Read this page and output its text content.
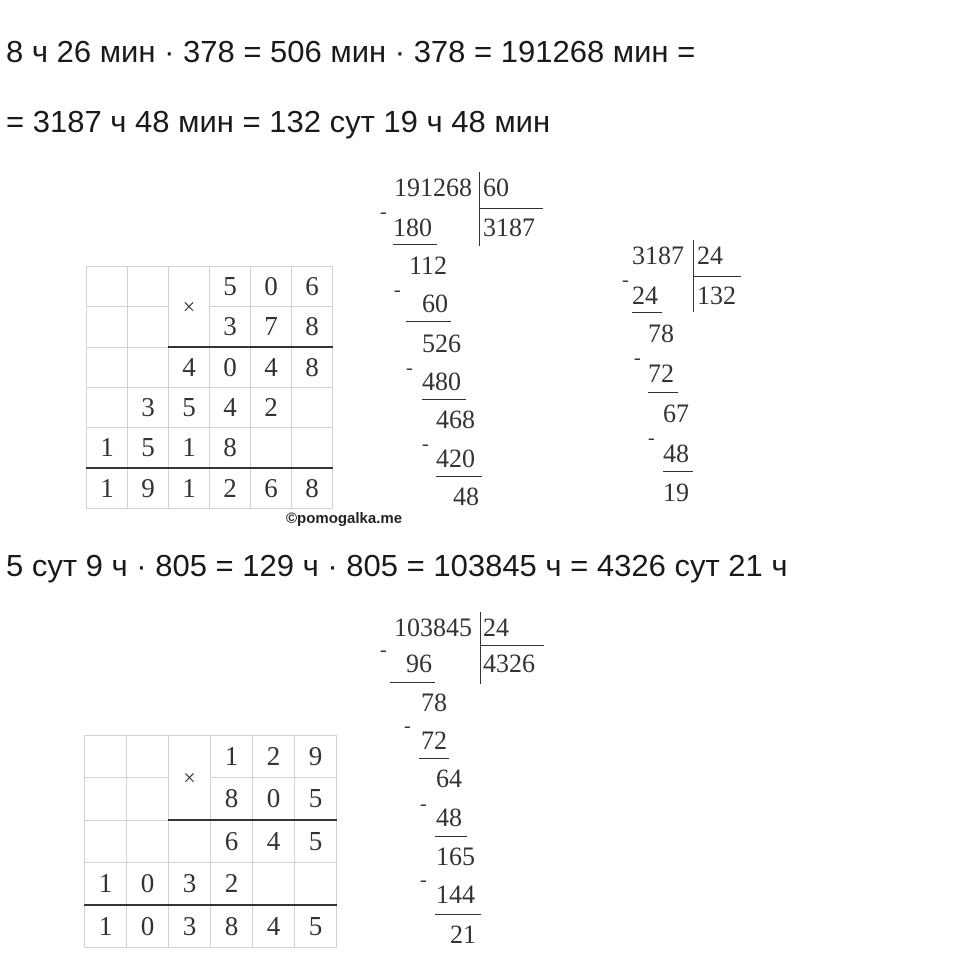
8 ч 26 мин · 378 = 506 мин · 378 = 191268 мин =
= 3187 ч 48 мин = 132 сут 19 ч 48 мин
5 сут 9 ч · 805 = 129 ч · 805 = 103845 ч = 4326 сут 21 ч
		×	5	0	6
			3	7	8
		4	0	4	8
	3	5	4	2	
1	5	1	8		
1	9	1	2	6	8
©pomogalka.me
191268 60
3187
-
180
112
- 60
526
- 480
468
- 420
48
3187 24
132
-
24
78
-
72
67
-
48
19
		×	1	2	9
			8	0	5
			6	4	5
1	0	3	2		
1	0	3	8	4	5
103845 24
4326
- 96
78
- 72
64
- 48
165
- 144
21
